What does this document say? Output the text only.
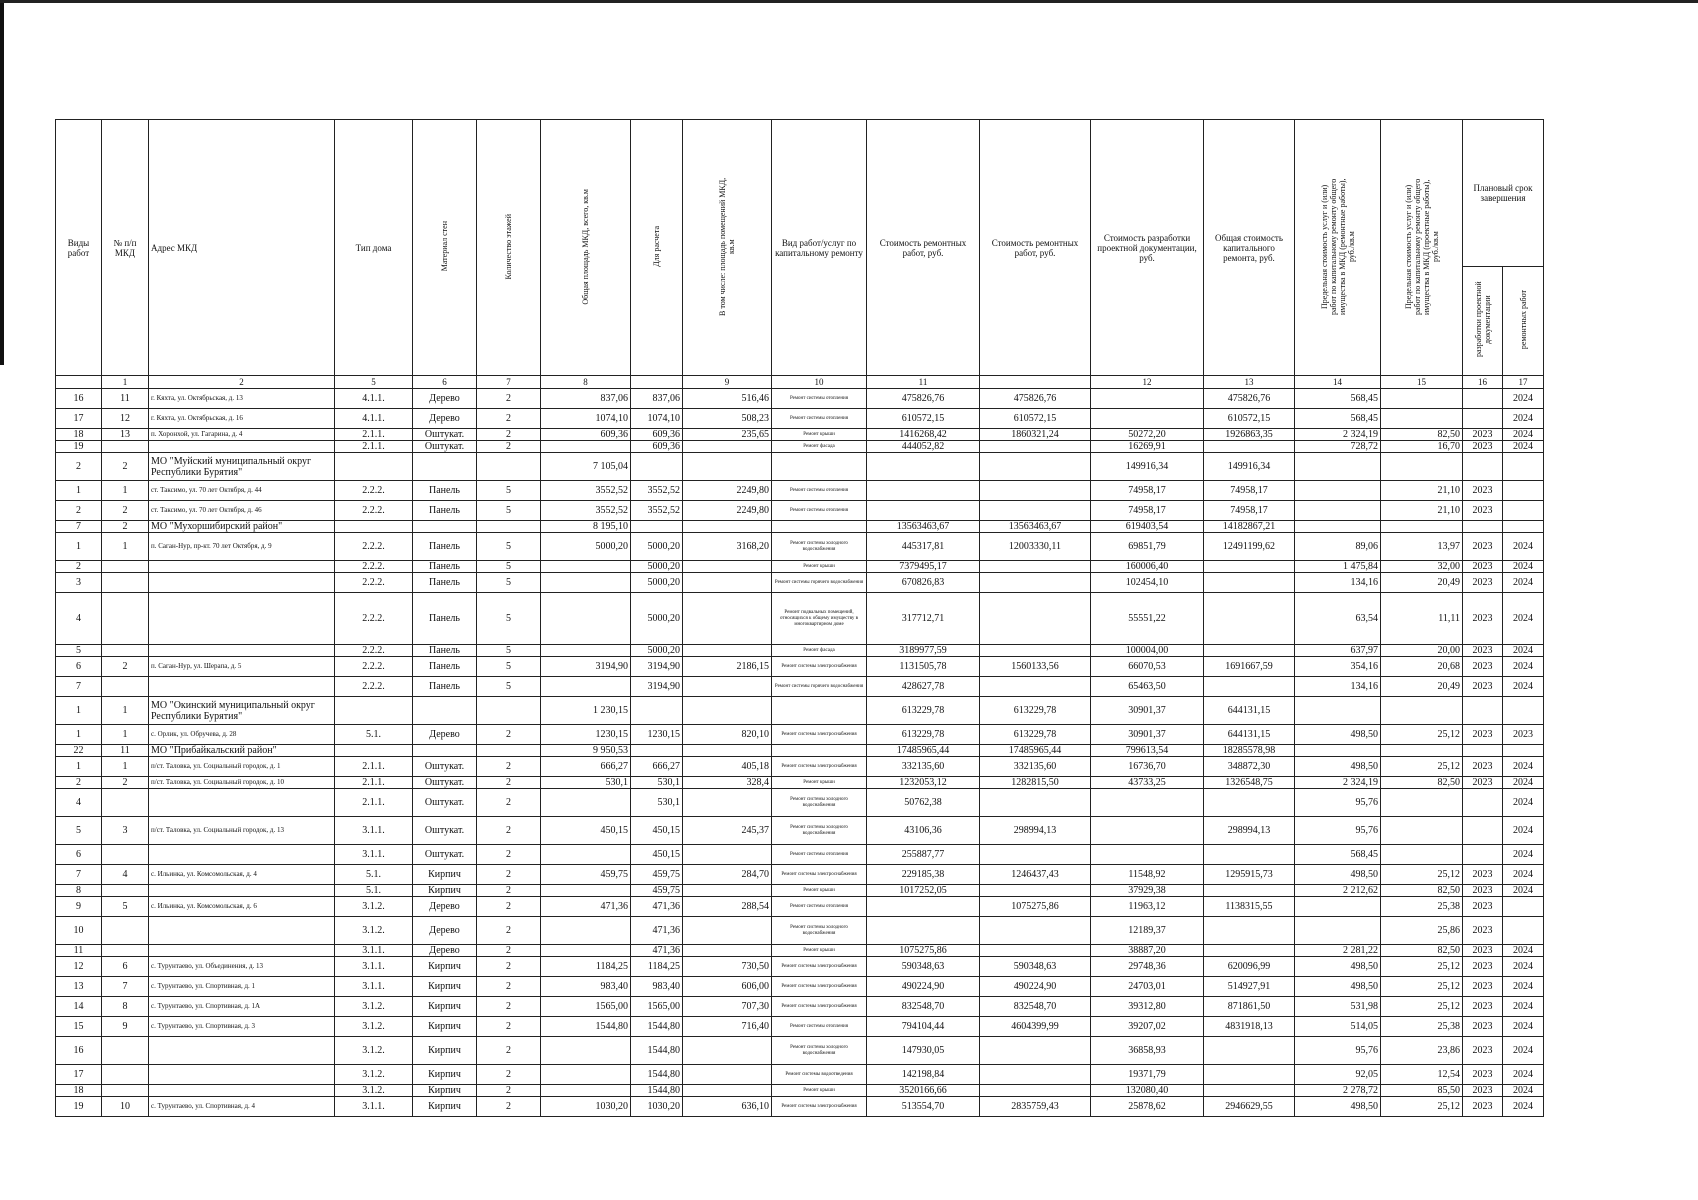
Виды работ	№ п/п МКД	Адрес МКД	Тип дома	Материал стен	Количество этажей	Общая площадь МКД, всего, кв.м	Для расчета	В том числе: площадь помещений МКД, кв.м	Вид работ/услуг по капитальному ремонту	Стоимость ремонтных работ, руб.	Стоимость ремонтных работ, руб.	Стоимость разработки проектной документации, руб.	Общая стоимость капитального ремонта, руб.	Предельная стоимость услуг и (или) работ по капитальному ремонту общего имущества в МКД (ремонтные работы), руб./кв.м	Предельная стоимость услуг и (или) работ по капитальному ремонту общего имущества в МКД (проектные работы), руб./кв.м	Плановый срок завершения	
																разработки проектной документации	ремонтных работ
	1	2	5	6	7	8		9	10	11		12	13	14	15	16	17
16	11	г. Кяхта, ул. Октябрьская, д. 13	4.1.1.	Дерево	2	837,06	837,06	516,46	Ремонт системы отопления	475826,76	475826,76		475826,76	568,45			2024
17	12	г. Кяхта, ул. Октябрьская, д. 16	4.1.1.	Дерево	2	1074,10	1074,10	508,23	Ремонт системы отопления	610572,15	610572,15		610572,15	568,45			2024
18	13	п. Хоронхой, ул. Гагарина, д. 4	2.1.1.	Оштукат.	2	609,36	609,36	235,65	Ремонт крыши	1416268,42	1860321,24	50272,20	1926863,35	2 324,19	82,50	2023	2024
19			2.1.1.	Оштукат.	2		609,36		Ремонт фасада	444052,82		16269,91		728,72	16,70	2023	2024
2	2	МО "Муйский муниципальный округ Республики Бурятия"				7 105,04						149916,34	149916,34				
1	1	ст. Таксимо, ул. 70 лет Октября, д. 44	2.2.2.	Панель	5	3552,52	3552,52	2249,80	Ремонт системы отопления			74958,17	74958,17		21,10	2023	
2	2	ст. Таксимо, ул. 70 лет Октября, д. 46	2.2.2.	Панель	5	3552,52	3552,52	2249,80	Ремонт системы отопления			74958,17	74958,17		21,10	2023	
7	2	МО "Мухоршибирский район"				8 195,10				13563463,67	13563463,67	619403,54	14182867,21				
1	1	п. Саган-Нур, пр-кт. 70 лет Октября, д. 9	2.2.2.	Панель	5	5000,20	5000,20	3168,20	Ремонт системы холодного водоснабжения	445317,81	12003330,11	69851,79	12491199,62	89,06	13,97	2023	2024
2			2.2.2.	Панель	5		5000,20		Ремонт крыши	7379495,17		160006,40		1 475,84	32,00	2023	2024
3			2.2.2.	Панель	5		5000,20		Ремонт системы горячего водоснабжения	670826,83		102454,10		134,16	20,49	2023	2024
4			2.2.2.	Панель	5		5000,20		Ремонт подвальных помещений, относящихся к общему имуществу в многоквартирном доме	317712,71		55551,22		63,54	11,11	2023	2024
5			2.2.2.	Панель	5		5000,20		Ремонт фасада	3189977,59		100004,00		637,97	20,00	2023	2024
6	2	п. Саган-Нур, ул. Шерапа, д. 5	2.2.2.	Панель	5	3194,90	3194,90	2186,15	Ремонт системы электроснабжения	1131505,78	1560133,56	66070,53	1691667,59	354,16	20,68	2023	2024
7			2.2.2.	Панель	5		3194,90		Ремонт системы горячего водоснабжения	428627,78		65463,50		134,16	20,49	2023	2024
1	1	МО "Окинский муниципальный округ Республики Бурятия"				1 230,15				613229,78	613229,78	30901,37	644131,15				
1	1	с. Орлик, ул. Обручева, д. 28	5.1.	Дерево	2	1230,15	1230,15	820,10	Ремонт системы электроснабжения	613229,78	613229,78	30901,37	644131,15	498,50	25,12	2023	2023
22	11	МО "Прибайкальский район"				9 950,53				17485965,44	17485965,44	799613,54	18285578,98				
1	1	п/ст. Таловка, ул. Социальный городок, д. 1	2.1.1.	Оштукат.	2	666,27	666,27	405,18	Ремонт системы электроснабжения	332135,60	332135,60	16736,70	348872,30	498,50	25,12	2023	2024
2	2	п/ст. Таловка, ул. Социальный городок, д. 10	2.1.1.	Оштукат.	2	530,1	530,1	328,4	Ремонт крыши	1232053,12	1282815,50	43733,25	1326548,75	2 324,19	82,50	2023	2024
4			2.1.1.	Оштукат.	2		530,1		Ремонт системы холодного водоснабжения	50762,38				95,76			2024
5	3	п/ст. Таловка, ул. Социальный городок, д. 13	3.1.1.	Оштукат.	2	450,15	450,15	245,37	Ремонт системы холодного водоснабжения	43106,36	298994,13		298994,13	95,76			2024
6			3.1.1.	Оштукат.	2		450,15		Ремонт системы отопления	255887,77				568,45			2024
7	4	с. Ильинка, ул. Комсомольская, д. 4	5.1.	Кирпич	2	459,75	459,75	284,70	Ремонт системы электроснабжения	229185,38	1246437,43	11548,92	1295915,73	498,50	25,12	2023	2024
8			5.1.	Кирпич	2		459,75		Ремонт крыши	1017252,05		37929,38		2 212,62	82,50	2023	2024
9	5	с. Ильинка, ул. Комсомольская, д. 6	3.1.2.	Дерево	2	471,36	471,36	288,54	Ремонт системы отопления		1075275,86	11963,12	1138315,55		25,38	2023	
10			3.1.2.	Дерево	2		471,36		Ремонт системы холодного водоснабжения			12189,37			25,86	2023	
11			3.1.1.	Дерево	2		471,36		Ремонт крыши	1075275,86		38887,20		2 281,22	82,50	2023	2024
12	6	с. Турунтаево, ул. Объединения, д. 13	3.1.1.	Кирпич	2	1184,25	1184,25	730,50	Ремонт системы электроснабжения	590348,63	590348,63	29748,36	620096,99	498,50	25,12	2023	2024
13	7	с. Турунтаево, ул. Спортивная, д. 1	3.1.1.	Кирпич	2	983,40	983,40	606,00	Ремонт системы электроснабжения	490224,90	490224,90	24703,01	514927,91	498,50	25,12	2023	2024
14	8	с. Турунтаево, ул. Спортивная, д. 1А	3.1.2.	Кирпич	2	1565,00	1565,00	707,30	Ремонт системы электроснабжения	832548,70	832548,70	39312,80	871861,50	531,98	25,12	2023	2024
15	9	с. Турунтаево, ул. Спортивная, д. 3	3.1.2.	Кирпич	2	1544,80	1544,80	716,40	Ремонт системы отопления	794104,44	4604399,99	39207,02	4831918,13	514,05	25,38	2023	2024
16			3.1.2.	Кирпич	2		1544,80		Ремонт системы холодного водоснабжения	147930,05		36858,93		95,76	23,86	2023	2024
17			3.1.2.	Кирпич	2		1544,80		Ремонт системы водоотведения	142198,84		19371,79		92,05	12,54	2023	2024
18			3.1.2.	Кирпич	2		1544,80		Ремонт крыши	3520166,66		132080,40		2 278,72	85,50	2023	2024
19	10	с. Турунтаево, ул. Спортивная, д. 4	3.1.1.	Кирпич	2	1030,20	1030,20	636,10	Ремонт системы электроснабжения	513554,70	2835759,43	25878,62	2946629,55	498,50	25,12	2023	2024
